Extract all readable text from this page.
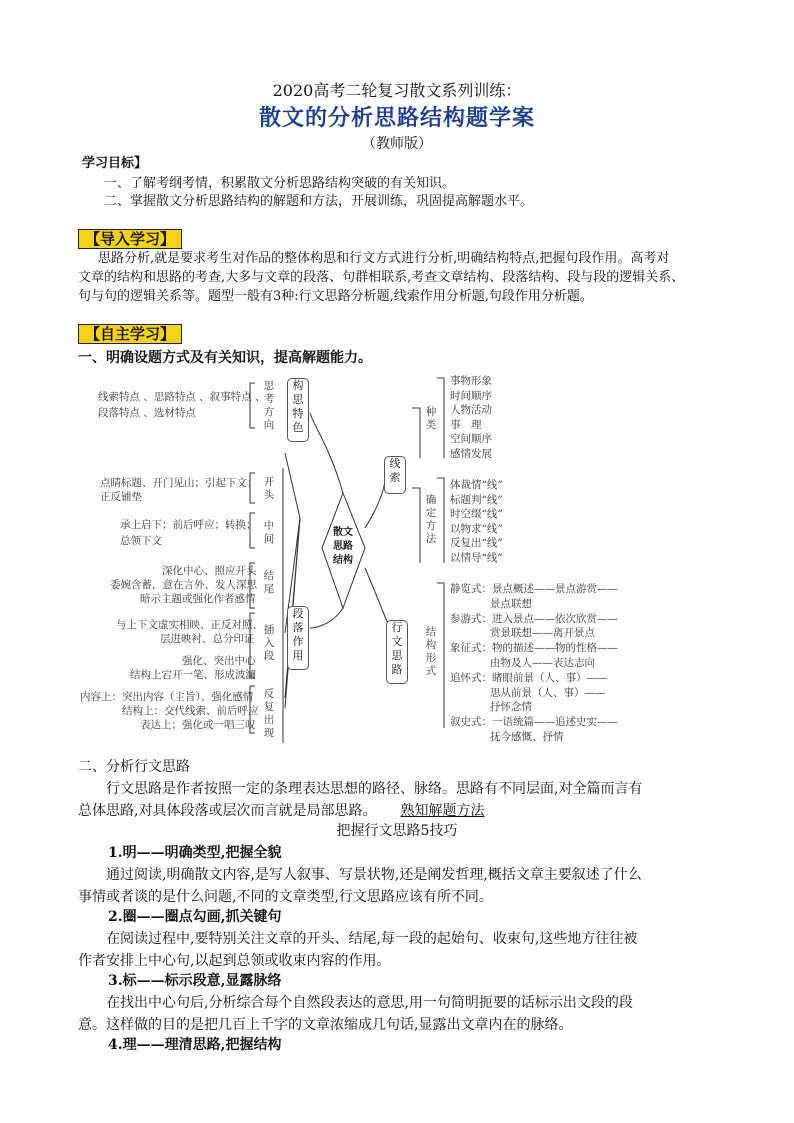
2020高考二轮复习散文系列训练：
散文的分析思路结构题学案
（教师版）
学习目标】
一、了解考纲考情，积累散文分析思路结构突破的有关知识。
二、掌握散文分析思路结构的解题和方法，开展训练，巩固提高解题水平。
【导入学习】
思路分析,就是要求考生对作品的整体构思和行文方式进行分析,明确结构特点,把握句段作用。高考对
文章的结构和思路的考查,大多与文章的段落、句群相联系,考查文章结构、段落结构、段与段的逻辑关系、
句与句的逻辑关系等。题型一般有3种:行文思路分析题,线索作用分析题,句段作用分析题。
【自主学习】
一、明确设题方式及有关知识，提高解题能力。
线索特点 、思路特点 、叙事特点 、
段落特点 、选材特点
思
考
方
向
构
思
特
色
点睛标题、开门见山；引起下文；
正反铺垫
开
头
承上启下；前后呼应；转换；
总领下文
中
间
深化中心、照应开头
委婉含蓄，意在言外、发人深思
暗示主题或强化作者感情
结
尾
与上下文虚实相映、正反对照、
层进映衬、总分印证
强化、突出中心
结构上宕开一笔、形成波澜
插
入
段
内容上：突出内容（主旨）、强化感情
结构上：交代线索、前后呼应
表达上；强化或一唱三叹
反
复
出
现
段
落
作
用
散文
思路
结构
线
索
种
类
事物形象
时间顺序
人物活动
事　理
空间顺序
感情发展
确
定
方
法
体裁情“线”
标题判“线”
时空缀“线”
以物求“线”
反复出“线”
以情导“线”
行
文
思
路
结
构
形
式
静览式：景点概述——景点游赏——
景点联想
参游式：进入景点——依次欣赏——
赏景联想——离开景点
象征式：物的描述——物的性格——
由物及人——表达志向
追怀式：睹眼前景（人、事）——
思从前景（人、事）——
抒怀念情
叙史式：一语统篇——追述史实——
抚今感慨、抒情
二、分析行文思路
行文思路是作者按照一定的条理表达思想的路径、脉络。思路有不同层面,对全篇而言有
总体思路,对具体段落或层次而言就是局部思路。 熟知解题方法
把握行文思路5技巧
1.明——明确类型,把握全貌
通过阅读,明确散文内容,是写人叙事、写景状物,还是阐发哲理,概括文章主要叙述了什么
事情或者谈的是什么问题,不同的文章类型,行文思路应该有所不同。
2.圈——圈点勾画,抓关键句
在阅读过程中,要特别关注文章的开头、结尾,每一段的起始句、收束句,这些地方往往被
作者安排上中心句,以起到总领或收束内容的作用。
3.标——标示段意,显露脉络
在找出中心句后,分析综合每个自然段表达的意思,用一句简明扼要的话标示出文段的段
意。这样做的目的是把几百上千字的文章浓缩成几句话,显露出文章内在的脉络。
4.理——理清思路,把握结构
